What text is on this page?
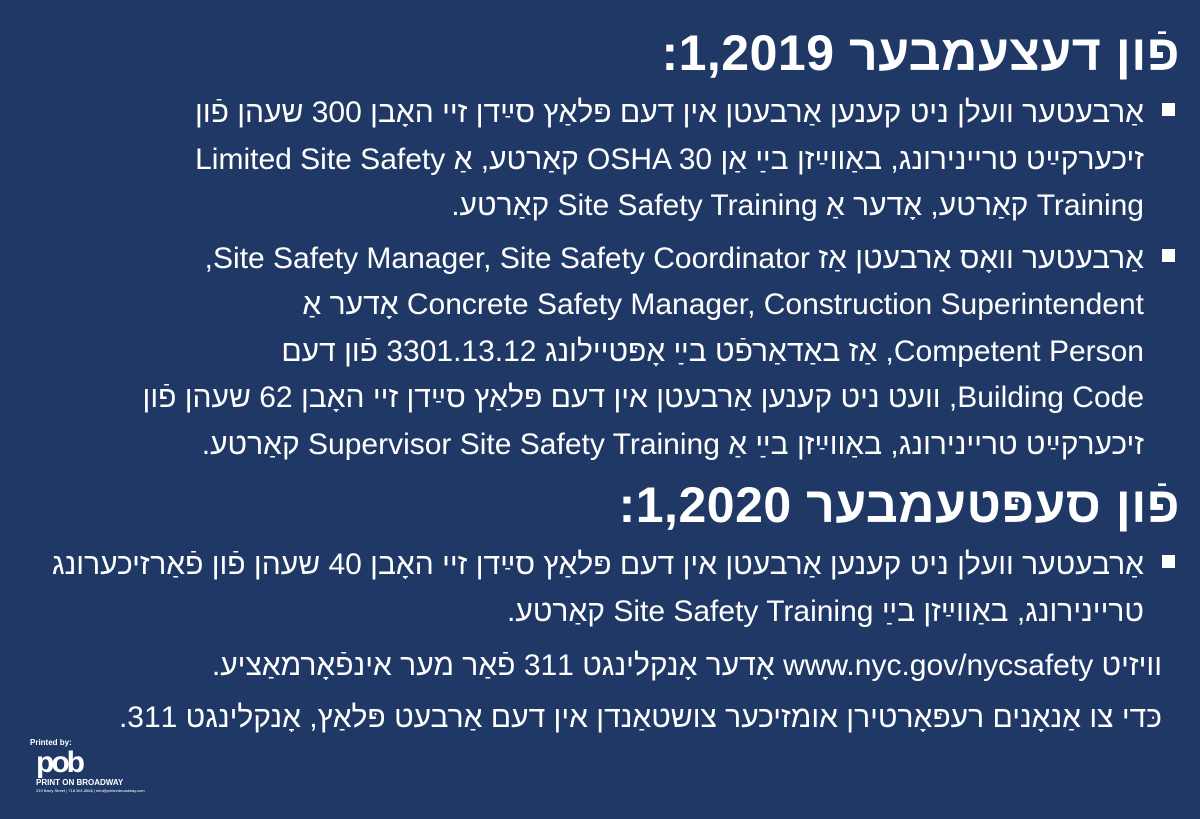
פֿון דעצעמבער 1,2019:
אַרבעטער וועלן ניט קענען אַרבעטן אין דעם פּלאַץ סײַדן זיי האָבן 300 שעהן פֿון
זיכערקײַט טריינירונג, באַווײַזן בײַ אַן OSHA 30 קאַרטע, אַ Limited Site Safety
Training קאַרטע, אָדער אַ Site Safety Training קאַרטע.
אַרבעטער וואָס אַרבעטן אַז Site Safety Manager, Site Safety Coordinator,
Concrete Safety Manager, Construction Superintendent אָדער אַ
Competent Person, אַז באַדאַרפֿט בײַ אָפּטיילונג 3301.13.12 פֿון דעם
Building Code, וועט ניט קענען אַרבעטן אין דעם פּלאַץ סײַדן זיי האָבן 62 שעהן פֿון
זיכערקײַט טריינירונג, באַווײַזן בײַ אַ Supervisor Site Safety Training קאַרטע.
פֿון סעפּטעמבער 1,2020:
אַרבעטער וועלן ניט קענען אַרבעטן אין דעם פּלאַץ סײַדן זיי האָבן 40 שעהן פֿון פֿאַרזיכערונג
טריינירונג, באַווײַזן בײַ Site Safety Training קאַרטע.
וויזיט www.nyc.gov/nycsafety אָדער אָנקלינגט 311 פֿאַר מער אינפֿאָרמאַציע.
כּדי צו אַנאָנים רעפּאָרטירן אומזיכער צושטאַנדן אין דעם אַרבעט פּלאַץ, אָנקלינגט 311.
Printed by:
pob
PRINT ON BROADWAY
319 Barry Street | 718.361.8566 | info@printonbroadway.com
